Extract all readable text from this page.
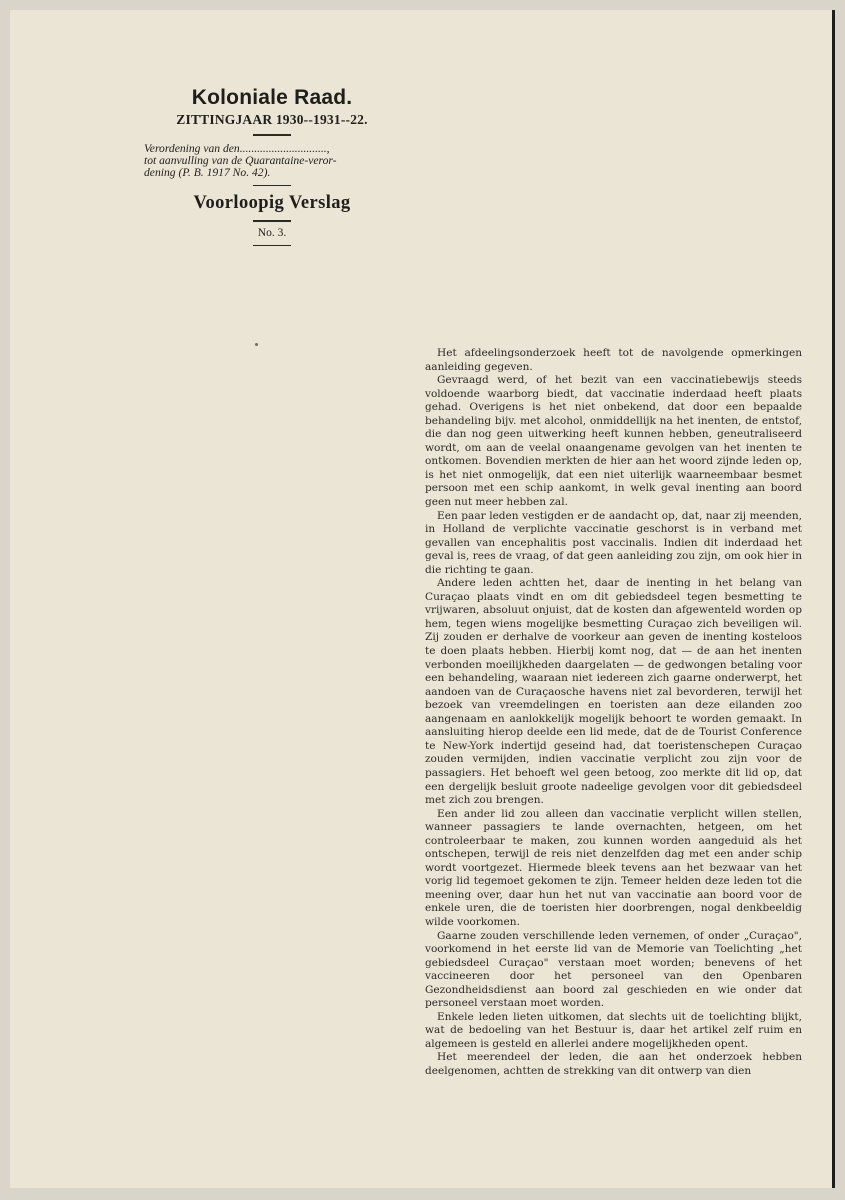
Koloniale Raad.
ZITTINGJAAR 1930--1931--22.
Verordening van den..............................,
tot aanvulling van de Quarantaine-veror-
dening (P. B. 1917 No. 42).
Voorloopig Verslag
No. 3.

Het afdeelingsonderzoek heeft tot de navolgende opmerkingen aanleiding gegeven.

Gevraagd werd, of het bezit van een vaccinatiebewijs steeds voldoende waarborg biedt, dat vaccinatie inderdaad heeft plaats gehad. Overigens is het niet onbekend, dat door een bepaalde behandeling bijv. met alcohol, onmiddellijk na het inenten, de entstof, die dan nog geen uitwerking heeft kunnen hebben, geneutraliseerd wordt, om aan de veelal onaangename gevolgen van het inenten te ontkomen. Bovendien merkten de hier aan het woord zijnde leden op, is het niet onmogelijk, dat een niet uiterlijk waarneembaar besmet persoon met een schip aankomt, in welk geval inenting aan boord geen nut meer hebben zal.

Een paar leden vestigden er de aandacht op, dat, naar zij meenden, in Holland de verplichte vaccinatie geschorst is in verband met gevallen van encephalitis post vaccinalis. Indien dit inderdaad het geval is, rees de vraag, of dat geen aanleiding zou zijn, om ook hier in die richting te gaan.

Andere leden achtten het, daar de inenting in het belang van Curaçao plaats vindt en om dit gebiedsdeel tegen besmetting te vrijwaren, absoluut onjuist, dat de kosten dan afgewenteld worden op hem, tegen wiens mogelijke besmetting Curaçao zich beveiligen wil. Zij zouden er derhalve de voorkeur aan geven de inenting kosteloos te doen plaats hebben. Hierbij komt nog, dat — de aan het inenten verbonden moeilijkheden daargelaten — de gedwongen betaling voor een behandeling, waaraan niet iedereen zich gaarne onderwerpt, het aandoen van de Curaçaosche havens niet zal bevorderen, terwijl het bezoek van vreemdelingen en toeristen aan deze eilanden zoo aangenaam en aanlokkelijk mogelijk behoort te worden gemaakt. In aansluiting hierop deelde een lid mede, dat de de Tourist Conference te New-York indertijd geseind had, dat toeristenschepen Curaçao zouden vermijden, indien vaccinatie verplicht zou zijn voor de passagiers. Het behoeft wel geen betoog, zoo merkte dit lid op, dat een dergelijk besluit groote nadeelige gevolgen voor dit gebiedsdeel met zich zou brengen.

Een ander lid zou alleen dan vaccinatie verplicht willen stellen, wanneer passagiers te lande overnachten, hetgeen, om het controleerbaar te maken, zou kunnen worden aangeduid als het ontschepen, terwijl de reis niet denzelfden dag met een ander schip wordt voortgezet. Hiermede bleek tevens aan het bezwaar van het vorig lid tegemoet gekomen te zijn. Temeer helden deze leden tot die meening over, daar hun het nut van vaccinatie aan boord voor de enkele uren, die de toeristen hier doorbrengen, nogal denkbeeldig wilde voorkomen.

Gaarne zouden verschillende leden vernemen, of onder „Curaçao", voorkomend in het eerste lid van de Memorie van Toelichting „het gebiedsdeel Curaçao" verstaan moet worden; benevens of het vaccineeren door het personeel van den Openbaren Gezondheidsdienst aan boord zal geschieden en wie onder dat personeel verstaan moet worden.

Enkele leden lieten uitkomen, dat slechts uit de toelichting blijkt, wat de bedoeling van het Bestuur is, daar het artikel zelf ruim en algemeen is gesteld en allerlei andere mogelijkheden opent.

Het meerendeel der leden, die aan het onderzoek hebben deelgenomen, achtten de strekking van dit ontwerp van dien
